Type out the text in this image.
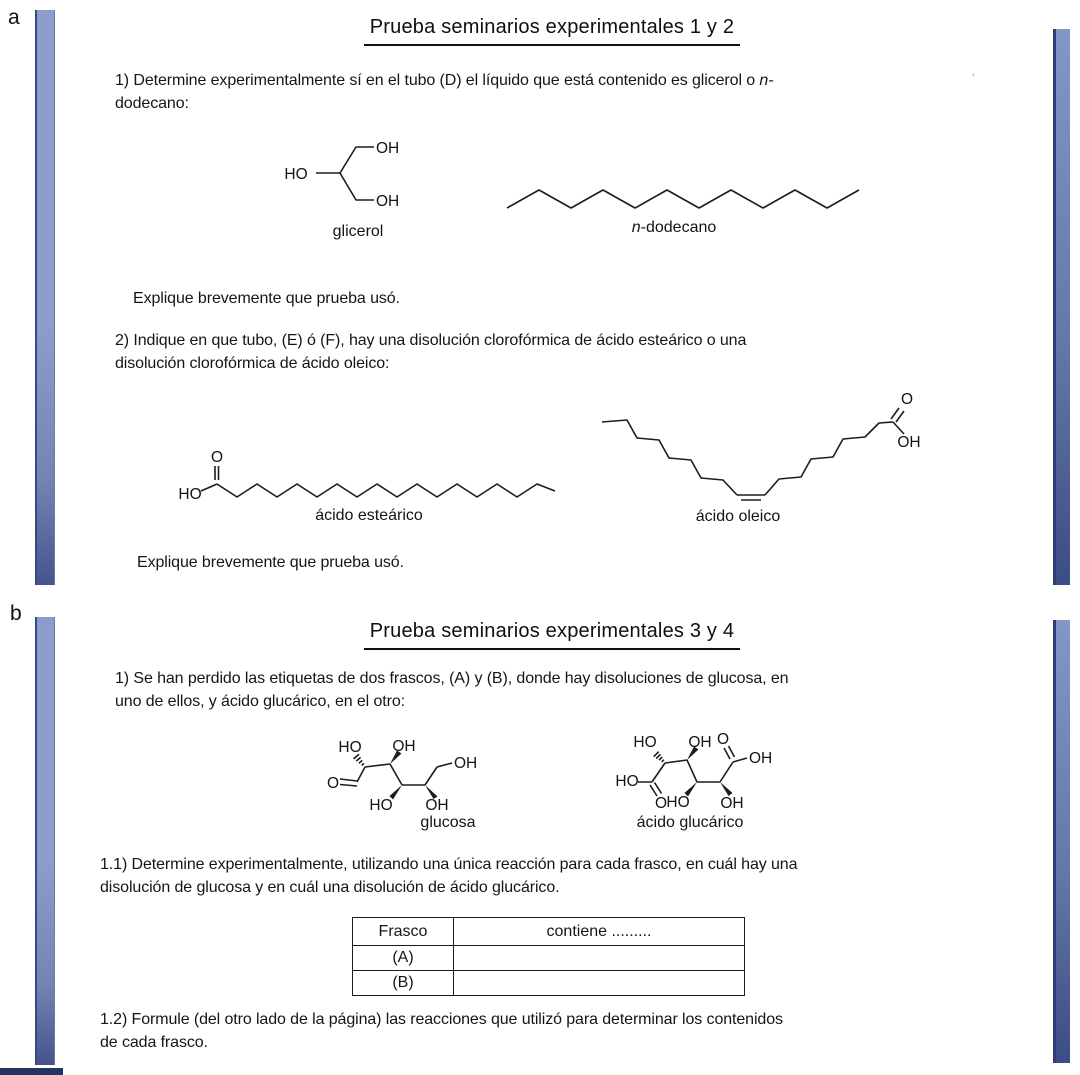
a	Prueba seminarios experimentales 1 y 2
1) Determine experimentalmente sí en el tubo (D) el líquido que está contenido es glicerol o n-
dodecano:
HO
OH
OH
glicerol	n-dodecano
Explique brevemente que prueba usó.
2) Indique en que tubo, (E) ó (F), hay una disolución clorofórmica de ácido esteárico o una
disolución clorofórmica de ácido oleico:
HO
O
ácido esteárico
O
OH
ácido oleico
Explique brevemente que prueba usó.
'
b
Prueba seminarios experimentales 3 y 4
1) Se han perdido las etiquetas de dos frascos, (A) y (B), donde hay disoluciones de glucosa, en
uno de ellos, y ácido glucárico, en el otro:
O
HO OH
OH
HO OH
glucosa
HO
O
HO OH O
OH
HO OH
ácido glucárico
1.1) Determine experimentalmente, utilizando una única reacción para cada frasco, en cuál hay una
disolución de glucosa y en cuál una disolución de ácido glucárico.
Frasco	contiene .........
(A)	
(B)	
1.2) Formule (del otro lado de la página) las reacciones que utilizó para determinar los contenidos
de cada frasco.
